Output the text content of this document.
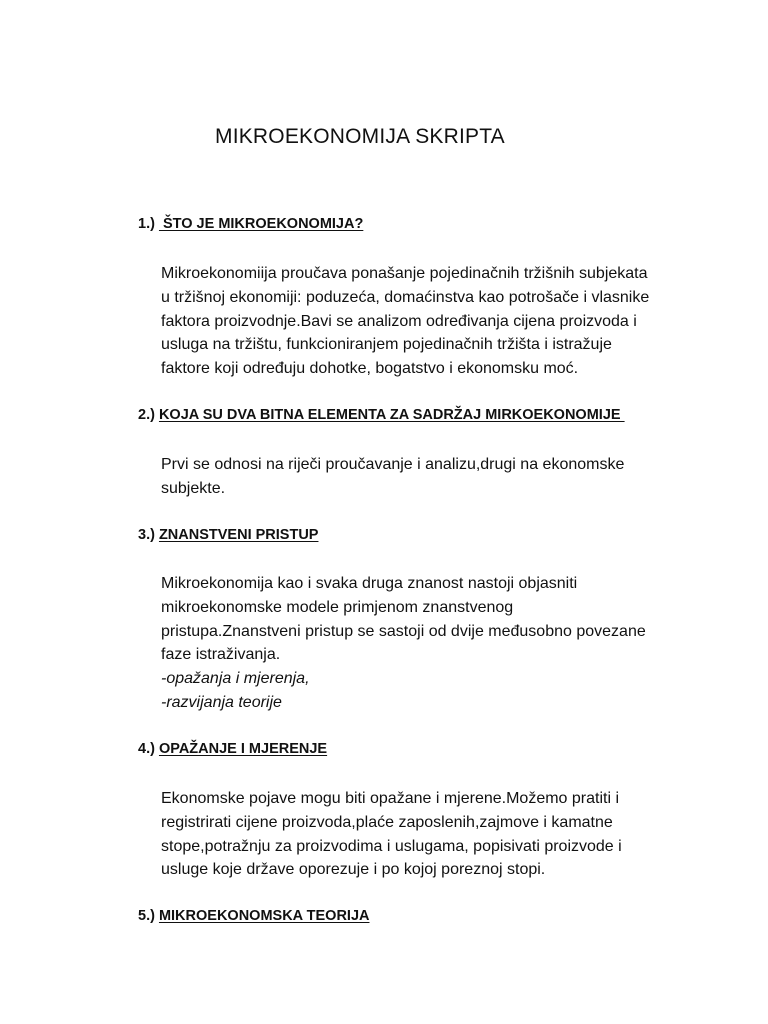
MIKROEKONOMIJA SKRIPTA
1.)  ŠTO JE MIKROEKONOMIJA?
Mikroekonomiija proučava ponašanje pojedinačnih tržišnih subjekata
u tržišnoj ekonomiji: poduzeća, domaćinstva kao potrošače i vlasnike
faktora proizvodnje.Bavi se analizom određivanja cijena proizvoda i
usluga na tržištu, funkcioniranjem pojedinačnih tržišta i istražuje
faktore koji određuju dohotke, bogatstvo i ekonomsku moć.
2.) KOJA SU DVA BITNA ELEMENTA ZA SADRŽAJ MIRKOEKONOMIJE
Prvi se odnosi na riječi proučavanje i analizu,drugi na ekonomske
subjekte.
3.) ZNANSTVENI PRISTUP
Mikroekonomija kao i svaka druga znanost nastoji objasniti
mikroekonomske modele primjenom znanstvenog
pristupa.Znanstveni pristup se sastoji od dvije međusobno povezane
faze istraživanja.
-opažanja i mjerenja,
-razvijanja teorije
4.) OPAŽANJE I MJERENJE
Ekonomske pojave mogu biti opažane i mjerene.Možemo pratiti i
registrirati cijene proizvoda,plaće zaposlenih,zajmove i kamatne
stope,potražnju za proizvodima i uslugama, popisivati proizvode i
usluge koje države oporezuje i po kojoj poreznoj stopi.
5.) MIKROEKONOMSKA TEORIJA
